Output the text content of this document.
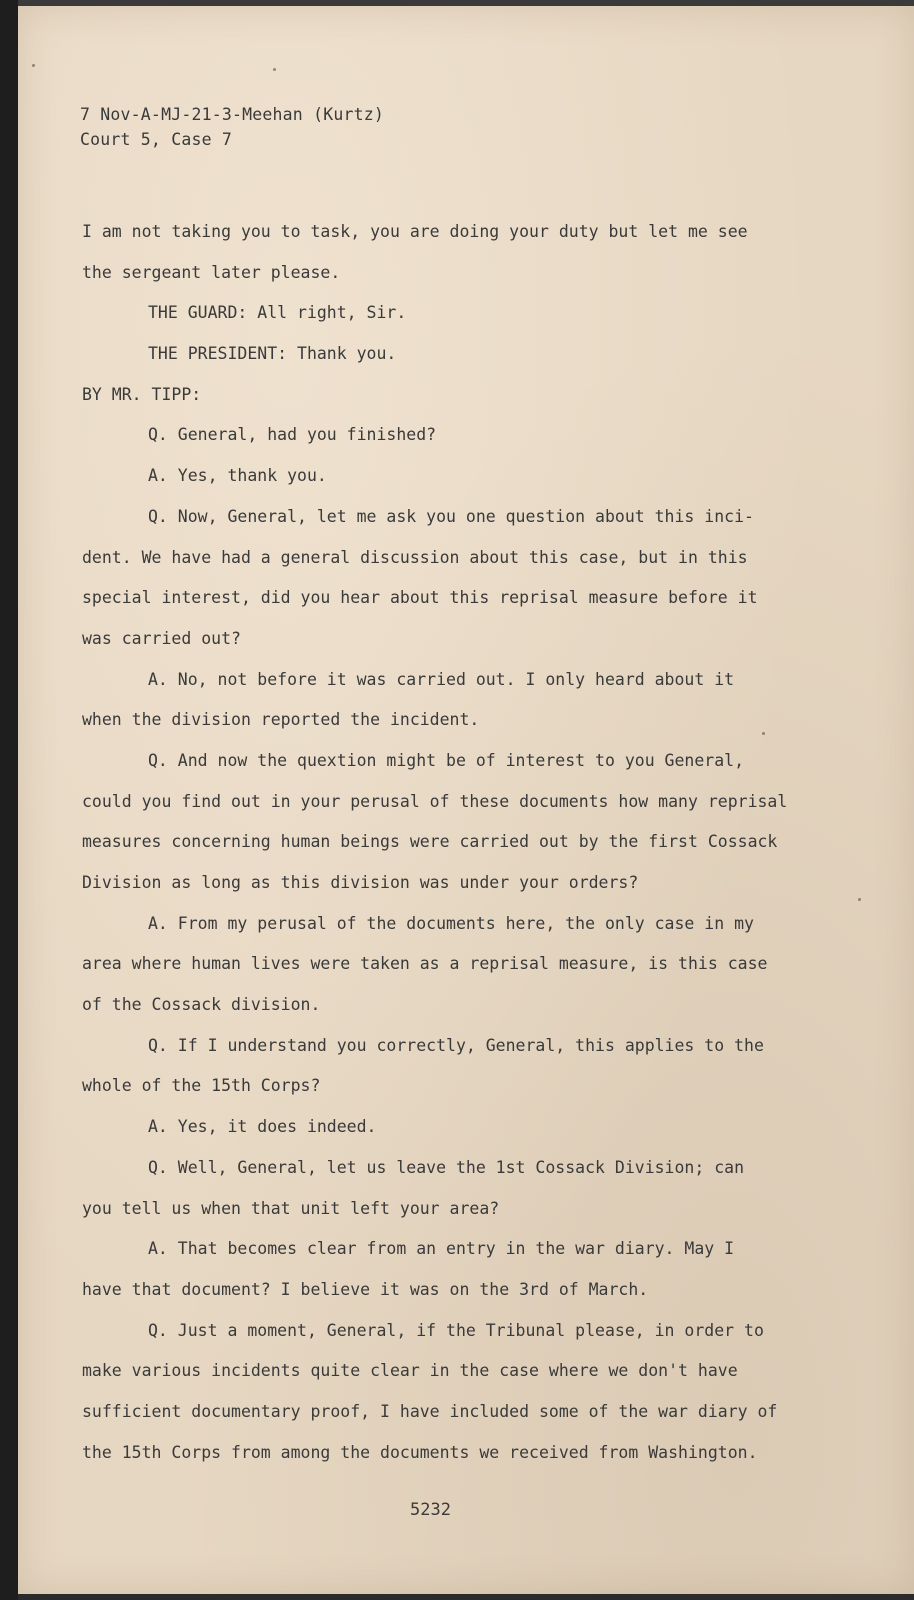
7 Nov-A-MJ-21-3-Meehan (Kurtz)
Court 5, Case 7
I am not taking you to task, you are doing your duty but let me see
the sergeant later please.
THE GUARD: All right, Sir.
THE PRESIDENT: Thank you.
BY MR. TIPP:
Q. General, had you finished?
A. Yes, thank you.
Q. Now, General, let me ask you one question about this inci-
dent. We have had a general discussion about this case, but in this
special interest, did you hear about this reprisal measure before it
was carried out?
A. No, not before it was carried out. I only heard about it
when the division reported the incident.
Q. And now the quextion might be of interest to you General,
could you find out in your perusal of these documents how many reprisal
measures concerning human beings were carried out by the first Cossack
Division as long as this division was under your orders?
A. From my perusal of the documents here, the only case in my
area where human lives were taken as a reprisal measure, is this case
of the Cossack division.
Q. If I understand you correctly, General, this applies to the
whole of the 15th Corps?
A. Yes, it does indeed.
Q. Well, General, let us leave the 1st Cossack Division; can
you tell us when that unit left your area?
A. That becomes clear from an entry in the war diary. May I
have that document? I believe it was on the 3rd of March.
Q. Just a moment, General, if the Tribunal please, in order to
make various incidents quite clear in the case where we don't have
sufficient documentary proof, I have included some of the war diary of
the 15th Corps from among the documents we received from Washington.
5232
